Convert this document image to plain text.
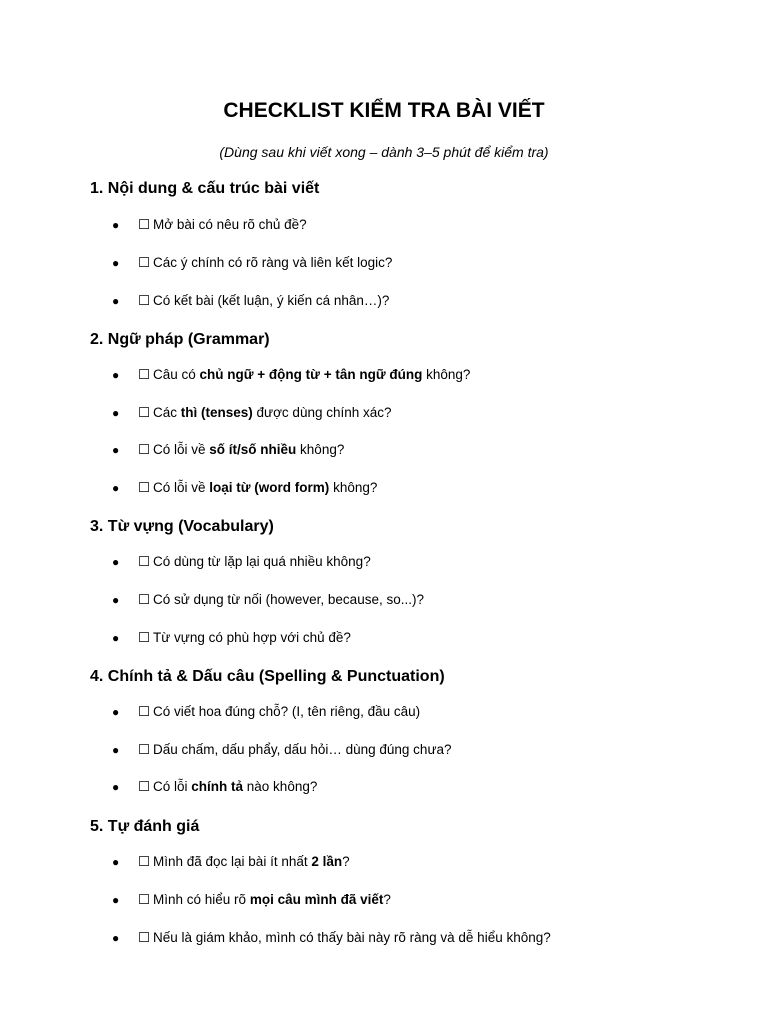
CHECKLIST KIỂM TRA BÀI VIẾT
(Dùng sau khi viết xong – dành 3–5 phút để kiểm tra)
1. Nội dung & cấu trúc bài viết
● ☐ Mở bài có nêu rõ chủ đề?
● ☐ Các ý chính có rõ ràng và liên kết logic?
● ☐ Có kết bài (kết luận, ý kiến cá nhân…)?
2. Ngữ pháp (Grammar)
● ☐ Câu có chủ ngữ + động từ + tân ngữ đúng không?
● ☐ Các thì (tenses) được dùng chính xác?
● ☐ Có lỗi về số ít/số nhiều không?
● ☐ Có lỗi về loại từ (word form) không?
3. Từ vựng (Vocabulary)
● ☐ Có dùng từ lặp lại quá nhiều không?
● ☐ Có sử dụng từ nối (however, because, so...)?
● ☐ Từ vựng có phù hợp với chủ đề?
4. Chính tả & Dấu câu (Spelling & Punctuation)
● ☐ Có viết hoa đúng chỗ? (I, tên riêng, đầu câu)
● ☐ Dấu chấm, dấu phẩy, dấu hỏi… dùng đúng chưa?
● ☐ Có lỗi chính tả nào không?
5. Tự đánh giá
● ☐ Mình đã đọc lại bài ít nhất 2 lần?
● ☐ Mình có hiểu rõ mọi câu mình đã viết?
● ☐ Nếu là giám khảo, mình có thấy bài này rõ ràng và dễ hiểu không?
